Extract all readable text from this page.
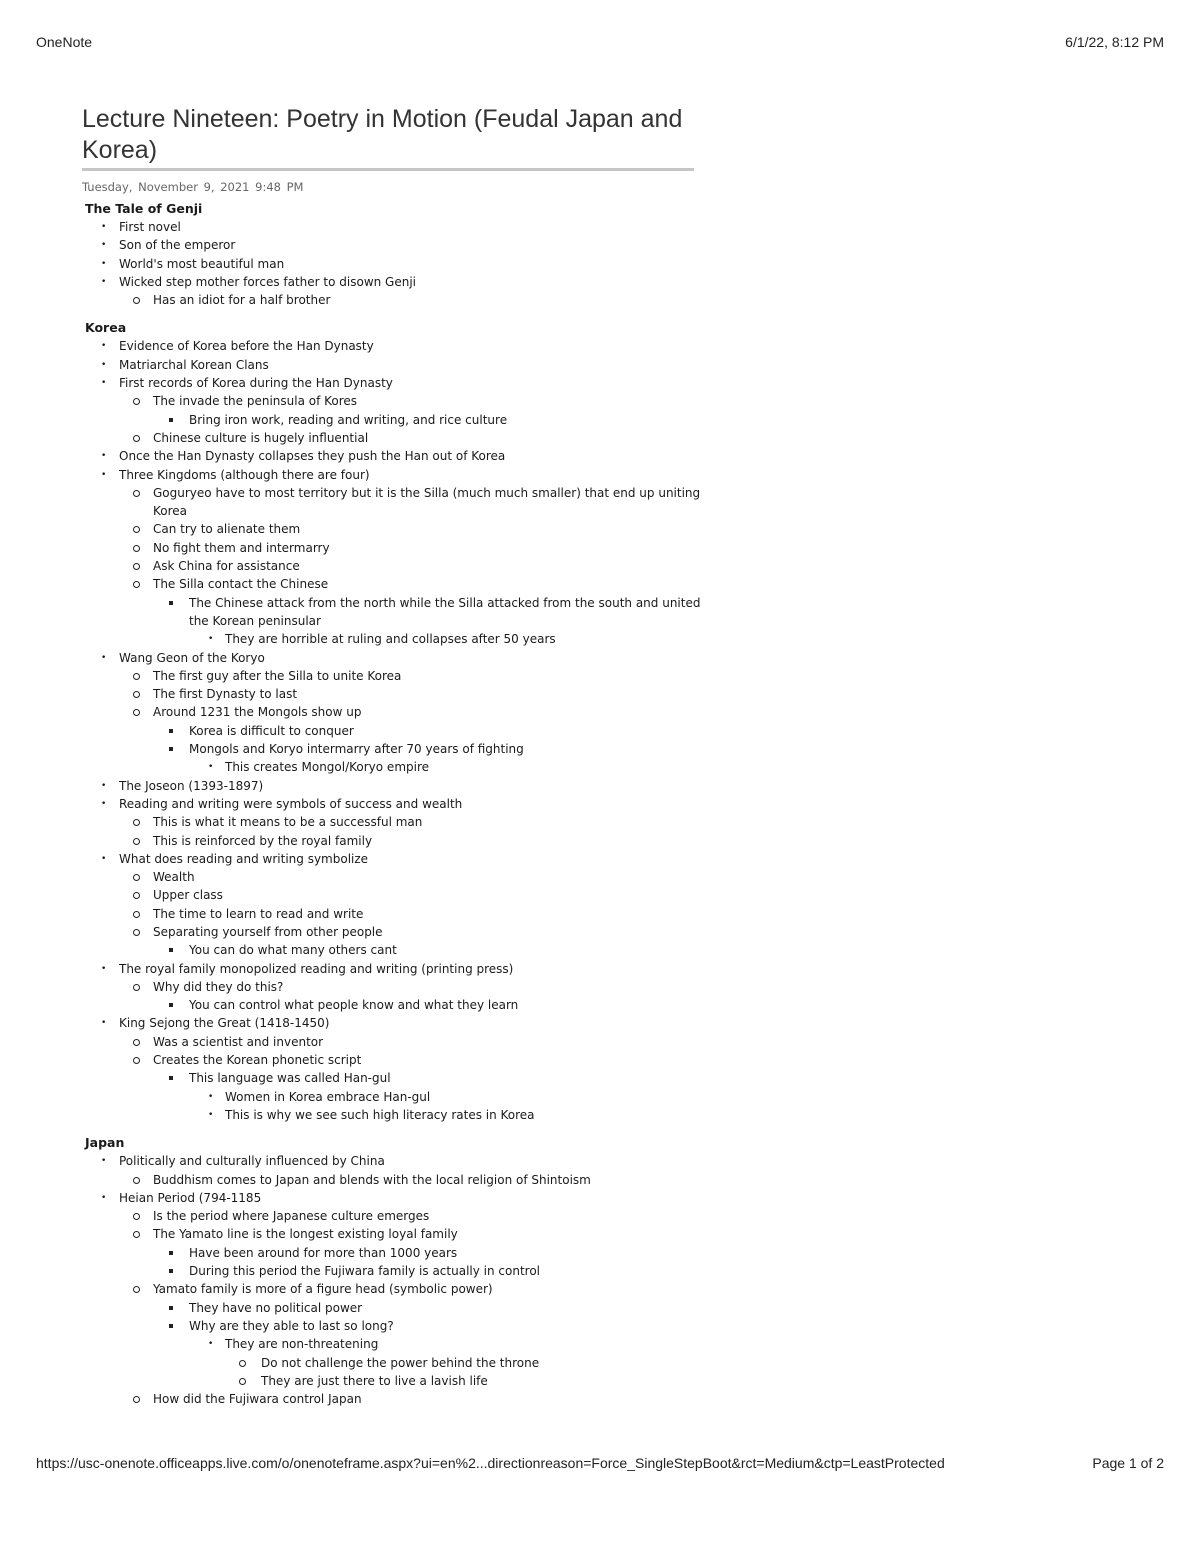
OneNote	6/1/22, 8:12 PM
Lecture Nineteen: Poetry in Motion (Feudal Japan and Korea)
Tuesday, November 9, 2021 9:48 PM
The Tale of Genji
• First novel
• Son of the emperor
• World's most beautiful man
• Wicked step mother forces father to disown Genji
Has an idiot for a half brother
Korea
• Evidence of Korea before the Han Dynasty
• Matriarchal Korean Clans
• First records of Korea during the Han Dynasty
The invade the peninsula of Kores
Bring iron work, reading and writing, and rice culture
Chinese culture is hugely influential
• Once the Han Dynasty collapses they push the Han out of Korea
• Three Kingdoms (although there are four)
Goguryeo have to most territory but it is the Silla (much much smaller) that end up uniting Korea
Can try to alienate them
No fight them and intermarry
Ask China for assistance
The Silla contact the Chinese
The Chinese attack from the north while the Silla attacked from the south and united the Korean peninsular
• They are horrible at ruling and collapses after 50 years
• Wang Geon of the Koryo
The first guy after the Silla to unite Korea
The first Dynasty to last
Around 1231 the Mongols show up
Korea is difficult to conquer
Mongols and Koryo intermarry after 70 years of fighting
• This creates Mongol/Koryo empire
• The Joseon (1393-1897)
• Reading and writing were symbols of success and wealth
This is what it means to be a successful man
This is reinforced by the royal family
• What does reading and writing symbolize
Wealth
Upper class
The time to learn to read and write
Separating yourself from other people
You can do what many others cant
• The royal family monopolized reading and writing (printing press)
Why did they do this?
You can control what people know and what they learn
• King Sejong the Great (1418-1450)
Was a scientist and inventor
Creates the Korean phonetic script
This language was called Han-gul
• Women in Korea embrace Han-gul
• This is why we see such high literacy rates in Korea
Japan
• Politically and culturally influenced by China
Buddhism comes to Japan and blends with the local religion of Shintoism
• Heian Period (794-1185
Is the period where Japanese culture emerges
The Yamato line is the longest existing loyal family
Have been around for more than 1000 years
During this period the Fujiwara family is actually in control
Yamato family is more of a figure head (symbolic power)
They have no political power
Why are they able to last so long?
• They are non-threatening
Do not challenge the power behind the throne
They are just there to live a lavish life
How did the Fujiwara control Japan
https://usc-onenote.officeapps.live.com/o/onenoteframe.aspx?ui=en%2...directionreason=Force_SingleStepBoot&rct=Medium&ctp=LeastProtected	Page 1 of 2
